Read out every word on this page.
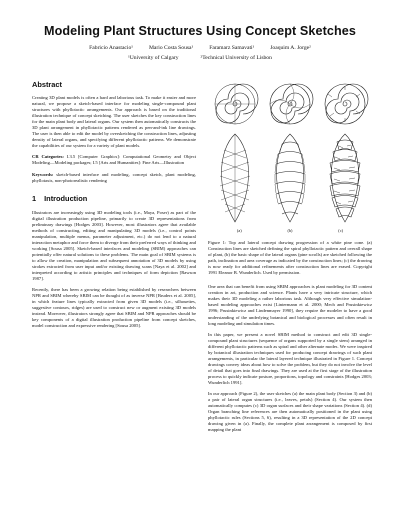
Modeling Plant Structures Using Concept Sketches
Fabricio Anastacio¹	Mario Costa Sousa¹	Faramarz Samavati¹	Joaquim A. Jorge²
¹University of Calgary	²Technical University of Lisbon
Abstract

Creating 3D plant models is often a hard and laborious task. To make it easier and more natural, we propose a sketch-based interface for modeling single-compound plant structures with phyllotactic arrangements. Our approach is based on the traditional illustration technique of concept sketching. The user sketches the key construction lines for the main plant body and lateral organs. Our system then automatically constructs the 3D plant arrangement in phyllotactic patterns rendered as pen-and-ink line drawings. The user is then able to edit the model by oversketching the construction lines, adjusting density of lateral organs, and specifying different phyllotactic patterns. We demonstrate the capabilities of our system for a variety of plant models.

CR Categories: I.3.5 [Computer Graphics]: Computational Geometry and Object Modeling—Modeling packages; I.5 [Arts and Humanities]: Fine Arts—Illustration

Keywords: sketch-based interface and modeling, concept sketch, plant modeling, phyllotaxis, non-photorealistic rendering

1 Introduction

Illustrators are increasingly using 3D modeling tools (i.e., Maya, Poser) as part of the digital illustration production pipeline, primarily to create 3D representations from preliminary drawings [Hodges 2003]. However, most illustrators agree that available methods of constructing, editing and manipulating 3D models (i.e., control points manipulation, multiple menus, parameter adjustment, etc.) do not lend to a natural interaction metaphor and force them to diverge from their preferred ways of thinking and working [Sousa 2005]. Sketch-based interfaces and modeling (SBIM) approaches can potentially offer natural solutions to these problems. The main goal of SBIM systems is to allow the creation, manipulation and subsequent annotation of 3D models by using strokes extracted from user input and/or existing drawing scans [Naya et al. 2002] and interpreted according to artistic principles and techniques of form depiction [Rawson 1987].

Recently, there has been a growing relation being established by researchers between NPR and SBIM whereby SBIM can be thought of as inverse NPR [Bruders et al. 2005], in which feature lines typically extracted from given 3D models (i.e., silhouettes, suggestive contours, ridges) are used to construct new or augment existing 3D models instead. Moreover, illustrators strongly agree that SBIM and NPR approaches should be key components of a digital illustration production pipeline from concept sketches, model construction and expressive rendering [Sousa 2005].

(a)	(b)	(c)

Figure 1: Top and lateral concept drawing progression of a white pine cone. (a) Construction lines are sketched defining the spiral phyllotactic pattern and overall shape of plant, (b) the basic shape of the lateral organs (pine scrolls) are sketched following the path, inclination and area coverage as indicated by the construction lines; (c) the drawing is now ready for additional refinements after construction lines are erased. Copyright 1991 Eleanor B. Wunderlich. Used by permission.

One area that can benefit from using SBIM approaches is plant modeling for 3D content creation in art, production and science. Plants have a very intricate structure, which makes their 3D modeling a rather laborious task. Although very effective simulation-based modeling approaches exist [Lintermann et al. 2000; Mech and Prusinkiewicz 1996; Prusinkiewicz and Lindenmayer 1990], they require the modeler to have a good understanding of the underlying botanical and biological processes and often result in long modeling and simulation times.

In this paper, we present a novel SBIM method to construct and edit 3D single-compound plant structures (sequence of organs supported by a single stem) arranged in different phyllotactic patterns such as spiral and other alternate modes. We were inspired by botanical illustration techniques used for producing concept drawings of such plant arrangements, in particular the lateral layered technique illustrated in Figure 1. Concept drawings convey ideas about how to solve the problem, but they do not involve the level of detail that goes into final drawings. They are used at the first stage of the illustration process to quickly indicate posture, proportions, topology and constraints [Hodges 2003; Wunderlich 1991].

In our approach (Figure 2), the user sketches (a) the main plant body (Section 3) and (b) a pair of lateral organ structures (i.e., leaves, petals) (Section 4). Our system then automatically computes (c) 3D organ surfaces and their shape variations (Section 4). (d) Organ branching line references are then automatically positioned in the plant using phyllotactic rules (Sections 5, 6), resulting in a 3D representation of the 2D concept drawing given in (a). Finally, the complete plant arrangement is composed by first mapping the plant
